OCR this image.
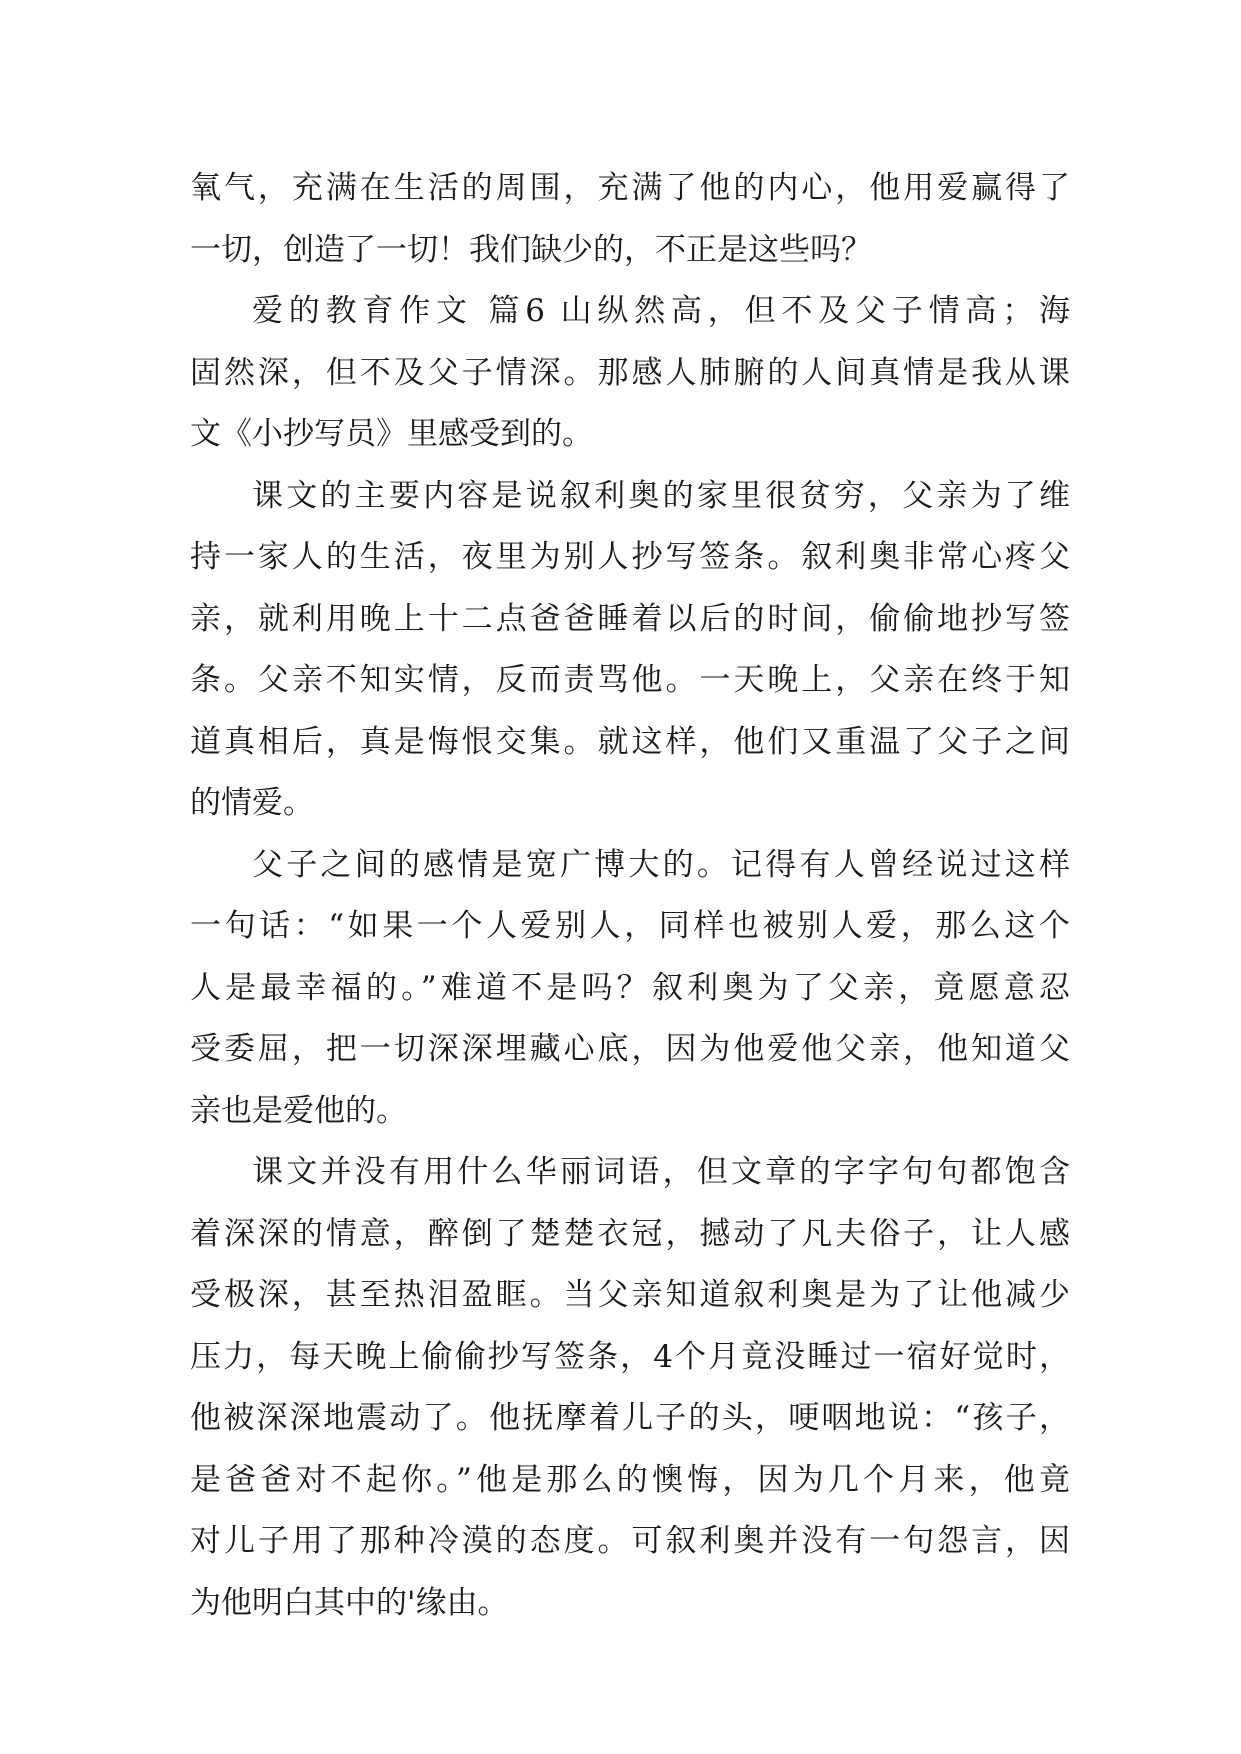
氧气，充满在生活的周围，充满了他的内心，他用爱赢得了
一切，创造了一切！我们缺少的，不正是这些吗？
爱的教育作文 篇6 山纵然高，但不及父子情高；海
固然深，但不及父子情深。那感人肺腑的人间真情是我从课
文《小抄写员》里感受到的。
课文的主要内容是说叙利奥的家里很贫穷，父亲为了维
持一家人的生活，夜里为别人抄写签条。叙利奥非常心疼父
亲，就利用晚上十二点爸爸睡着以后的时间，偷偷地抄写签
条。父亲不知实情，反而责骂他。一天晚上，父亲在终于知
道真相后，真是悔恨交集。就这样，他们又重温了父子之间
的情爱。
父子之间的感情是宽广博大的。记得有人曾经说过这样
一句话：“如果一个人爱别人，同样也被别人爱，那么这个
人是最幸福的。”难道不是吗？叙利奥为了父亲，竟愿意忍
受委屈，把一切深深埋藏心底，因为他爱他父亲，他知道父
亲也是爱他的。
课文并没有用什么华丽词语，但文章的字字句句都饱含
着深深的情意，醉倒了楚楚衣冠，撼动了凡夫俗子，让人感
受极深，甚至热泪盈眶。当父亲知道叙利奥是为了让他减少
压力，每天晚上偷偷抄写签条，4个月竟没睡过一宿好觉时，
他被深深地震动了。他抚摩着儿子的头，哽咽地说：“孩子，
是爸爸对不起你。”他是那么的懊悔，因为几个月来，他竟
对儿子用了那种冷漠的态度。可叙利奥并没有一句怨言，因
为他明白其中的'缘由。
